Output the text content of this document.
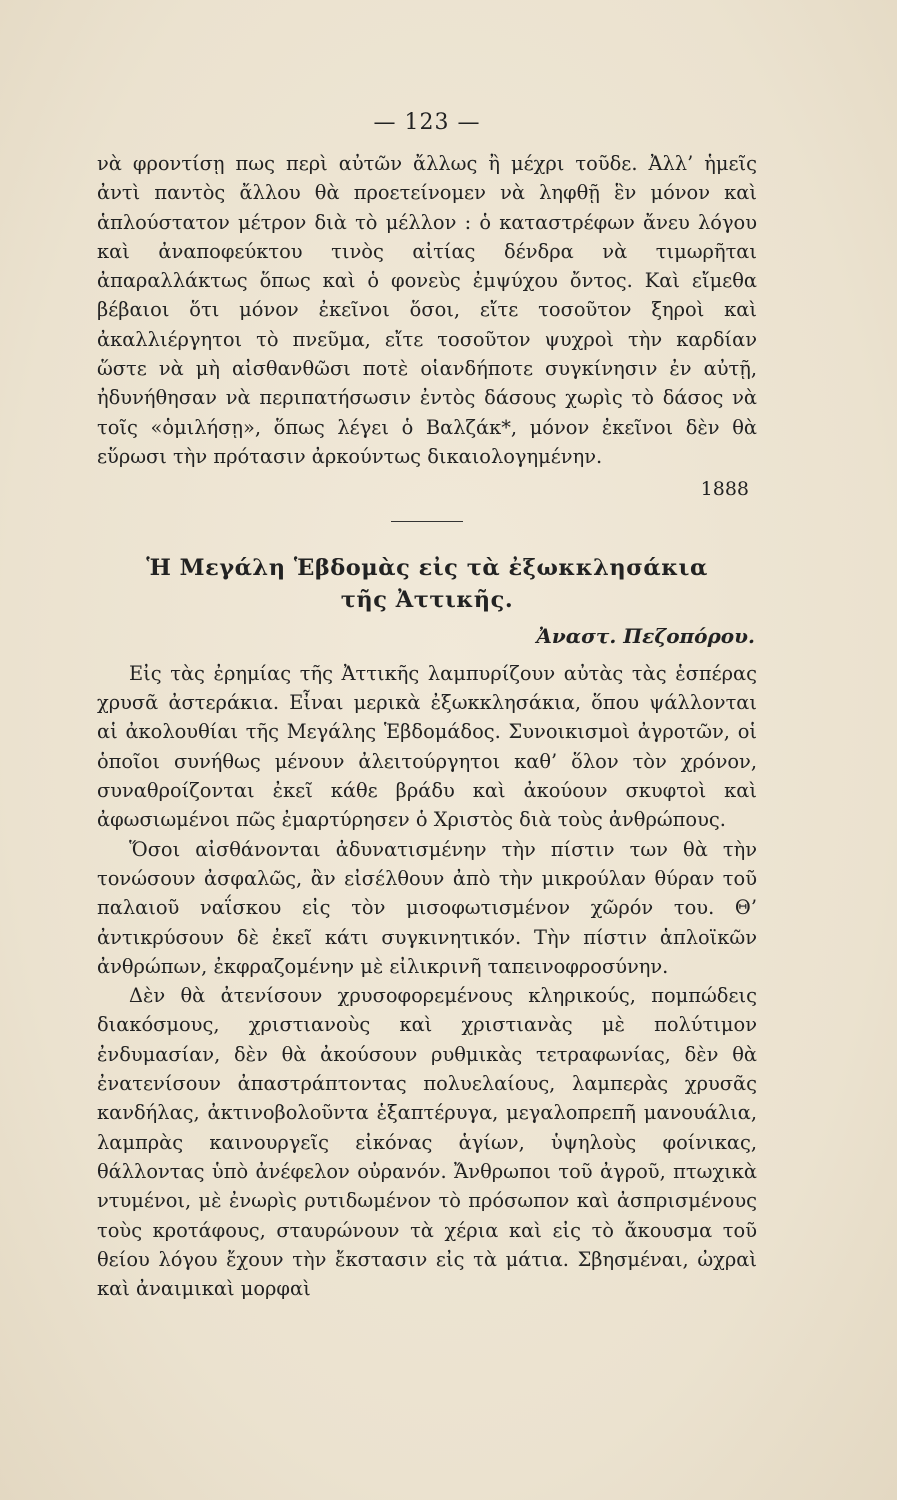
— 123 —

νὰ φροντίσῃ πως περὶ αὐτῶν ἄλλως ἢ μέχρι τοῦδε. Ἀλλ’ ἡμεῖς ἀντὶ παντὸς ἄλλου θὰ προετείνομεν νὰ ληφθῇ ἓν μόνον καὶ ἁπλούστατον μέτρον διὰ τὸ μέλλον : ὁ καταστρέφων ἄνευ λόγου καὶ ἀναποφεύκτου τινὸς αἰτίας δένδρα νὰ τιμωρῆται ἀπαραλλάκτως ὅπως καὶ ὁ φονεὺς ἐμψύχου ὄντος. Καὶ εἴμεθα βέβαιοι ὅτι μόνον ἐκεῖνοι ὅσοι, εἴτε τοσοῦτον ξηροὶ καὶ ἀκαλλιέργητοι τὸ πνεῦμα, εἴτε τοσοῦτον ψυχροὶ τὴν καρδίαν ὥστε νὰ μὴ αἰσθανθῶσι ποτὲ οἱανδήποτε συγκίνησιν ἐν αὐτῇ, ἠδυνήθησαν νὰ περιπατήσωσιν ἐντὸς δάσους χωρὶς τὸ δάσος νὰ τοῖς «ὁμιλήσῃ», ὅπως λέγει ὁ Βαλζάκ*, μόνον ἐκεῖνοι δὲν θὰ εὕρωσι τὴν πρότασιν ἀρκούντως δικαιολογημένην.

1888
Ἡ Μεγάλη Ἑβδομὰς εἰς τὰ ἐξωκκλησάκια
τῆς Ἀττικῆς.
Ἀναστ. Πεζοπόρου.

Εἰς τὰς ἐρημίας τῆς Ἀττικῆς λαμπυρίζουν αὐτὰς τὰς ἑσπέρας χρυσᾶ ἀστεράκια. Εἶναι μερικὰ ἐξωκκλησάκια, ὅπου ψάλλονται αἱ ἀκολουθίαι τῆς Μεγάλης Ἑβδομάδος. Συνοικισμοὶ ἀγροτῶν, οἱ ὁποῖοι συνήθως μένουν ἀλειτούργητοι καθ’ ὅλον τὸν χρόνον, συναθροίζονται ἐκεῖ κάθε βράδυ καὶ ἀκούουν σκυφτοὶ καὶ ἀφωσιωμένοι πῶς ἐμαρτύρησεν ὁ Χριστὸς διὰ τοὺς ἀνθρώπους.

Ὅσοι αἰσθάνονται ἀδυνατισμένην τὴν πίστιν των θὰ τὴν τονώσουν ἀσφαλῶς, ἂν εἰσέλθουν ἀπὸ τὴν μικρούλαν θύραν τοῦ παλαιοῦ ναΐσκου εἰς τὸν μισοφωτισμένον χῶρόν του. Θ’ ἀντικρύσουν δὲ ἐκεῖ κάτι συγκινητικόν. Τὴν πίστιν ἁπλοϊκῶν ἀνθρώπων, ἐκφραζομένην μὲ εἰλικρινῆ ταπεινοφροσύνην.

Δὲν θὰ ἀτενίσουν χρυσοφορεμένους κληρικούς, πομπώδεις διακόσμους, χριστιανοὺς καὶ χριστιανὰς μὲ πολύτιμον ἐνδυμασίαν, δὲν θὰ ἀκούσουν ρυθμικὰς τετραφωνίας, δὲν θὰ ἐνατενίσουν ἀπαστράπτοντας πολυελαίους, λαμπερὰς χρυσᾶς κανδήλας, ἀκτινοβολοῦντα ἑξαπτέρυγα, μεγαλοπρεπῆ μανουάλια, λαμπρὰς καινουργεῖς εἰκόνας ἁγίων, ὑψηλοὺς φοίνικας, θάλλοντας ὑπὸ ἀνέφελον οὐρανόν. Ἄνθρωποι τοῦ ἀγροῦ, πτωχικὰ ντυμένοι, μὲ ἐνωρὶς ρυτιδωμένον τὸ πρόσωπον καὶ ἀσπρισμένους τοὺς κροτάφους, σταυρώνουν τὰ χέρια καὶ εἰς τὸ ἄκουσμα τοῦ θείου λόγου ἔχουν τὴν ἔκστασιν εἰς τὰ μάτια. Σβησμέναι, ὠχραὶ καὶ ἀναιμικαὶ μορφαὶ
